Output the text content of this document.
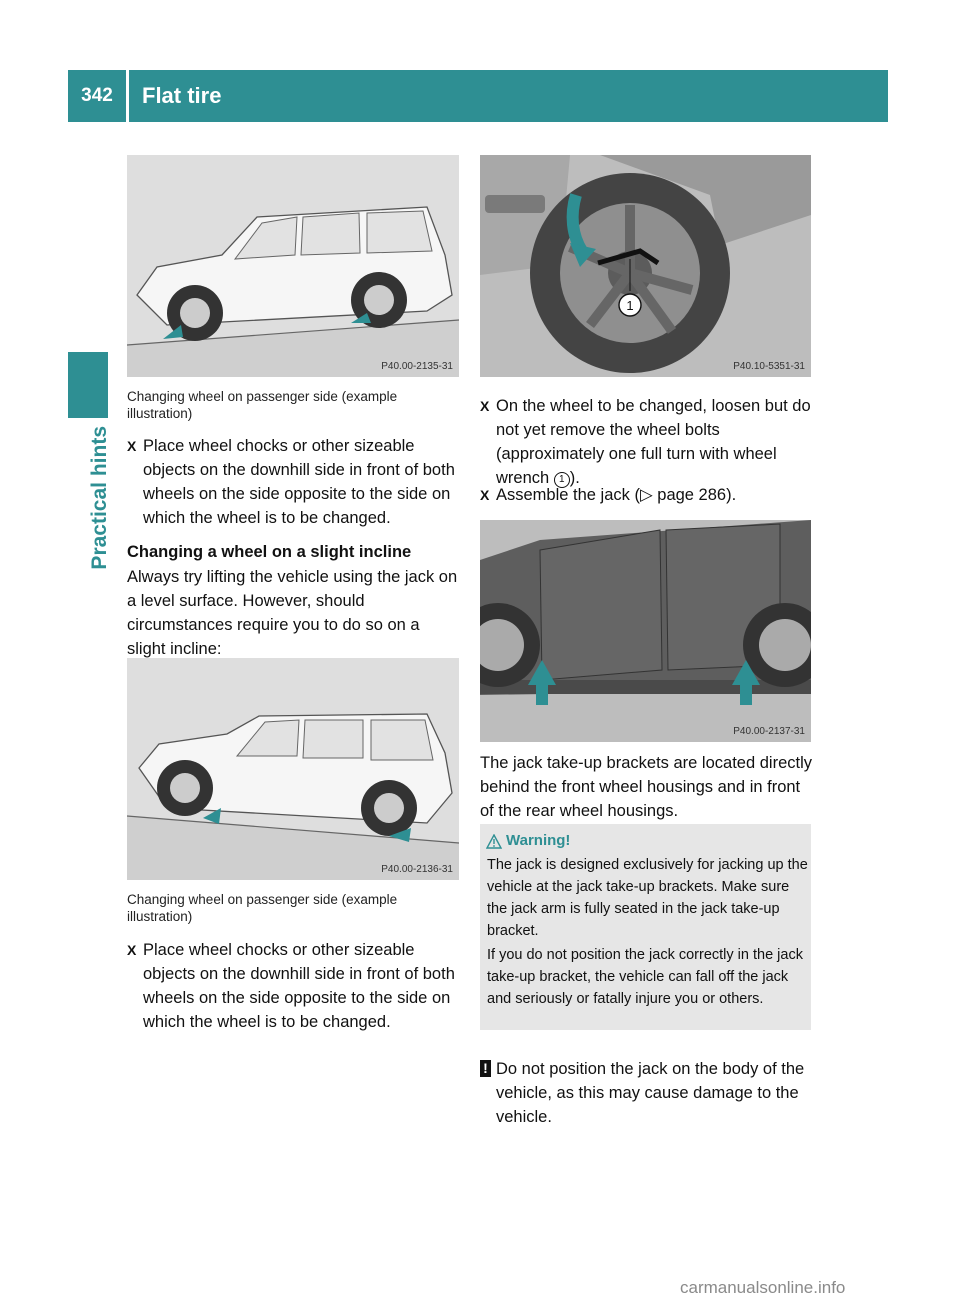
342	Flat tire
Practical hints
P40.00-2135-31
Changing wheel on passenger side (example illustration)
X Place wheel chocks or other sizeable objects on the downhill side in front of both wheels on the side opposite to the side on which the wheel is to be changed.
Changing a wheel on a slight incline
Always try lifting the vehicle using the jack on a level surface. However, should circumstances require you to do so on a slight incline:
P40.00-2136-31
Changing wheel on passenger side (example illustration)
X Place wheel chocks or other sizeable objects on the downhill side in front of both wheels on the side opposite to the side on which the wheel is to be changed.
1
P40.10-5351-31
X On the wheel to be changed, loosen but do not yet remove the wheel bolts (approximately one full turn with wheel wrench 1 ).
X Assemble the jack (▷ page 286).
P40.00-2137-31
The jack take-up brackets are located directly behind the front wheel housings and in front of the rear wheel housings.
Warning!
The jack is designed exclusively for jacking up the vehicle at the jack take-up brackets. Make sure the jack arm is fully seated in the jack take-up bracket.
If you do not position the jack correctly in the jack take-up bracket, the vehicle can fall off the jack and seriously or fatally injure you or others.
! Do not position the jack on the body of the vehicle, as this may cause damage to the vehicle.
carmanualsonline.info
